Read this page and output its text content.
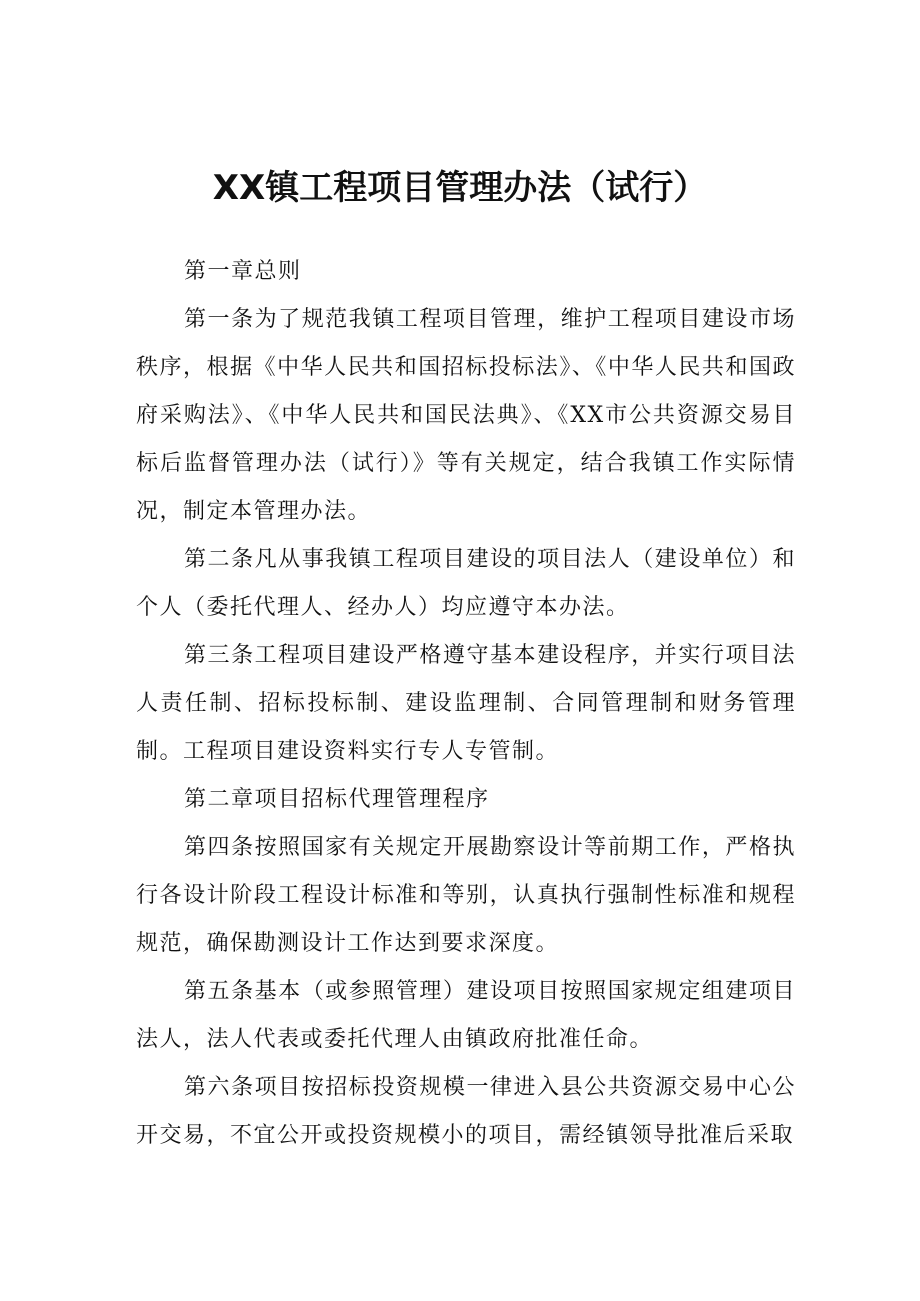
XX镇工程项目管理办法（试行）

第一章总则

第一条为了规范我镇工程项目管理，维护工程项目建设市场秩序，根据《中华人民共和国招标投标法》、《中华人民共和国政府采购法》、《中华人民共和国民法典》、《XX市公共资源交易目标后监督管理办法（试行）》等有关规定，结合我镇工作实际情况，制定本管理办法。

第二条凡从事我镇工程项目建设的项目法人（建设单位）和个人（委托代理人、经办人）均应遵守本办法。

第三条工程项目建设严格遵守基本建设程序，并实行项目法人责任制、招标投标制、建设监理制、合同管理制和财务管理制。工程项目建设资料实行专人专管制。

第二章项目招标代理管理程序

第四条按照国家有关规定开展勘察设计等前期工作，严格执行各设计阶段工程设计标准和等别，认真执行强制性标准和规程规范，确保勘测设计工作达到要求深度。

第五条基本（或参照管理）建设项目按照国家规定组建项目法人，法人代表或委托代理人由镇政府批准任命。

第六条项目按招标投资规模一律进入县公共资源交易中心公开交易，不宜公开或投资规模小的项目，需经镇领导批准后采取
